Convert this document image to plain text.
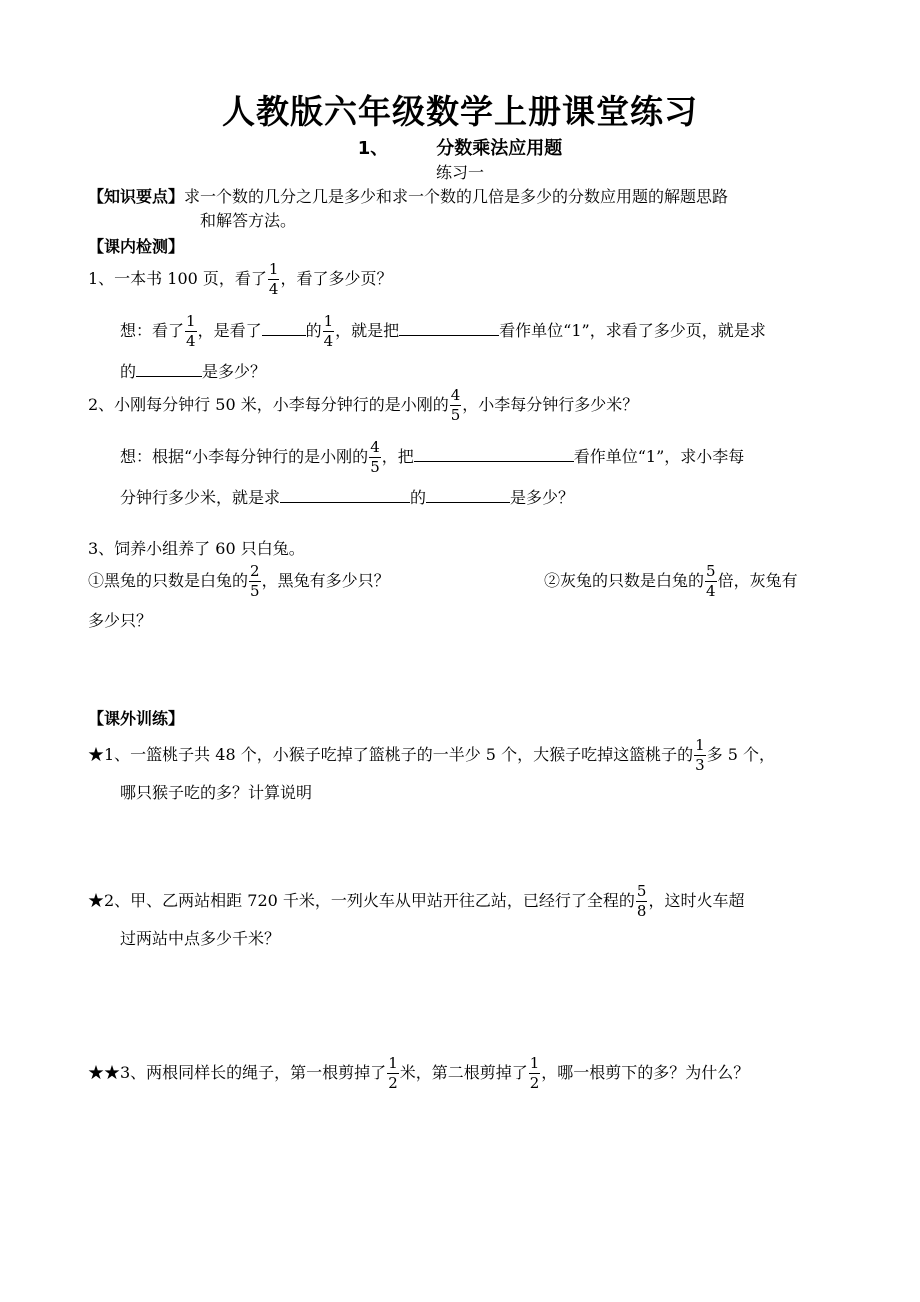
人教版六年级数学上册课堂练习
1、	分数乘法应用题
练习一
【知识要点】求一个数的几分之几是多少和求一个数的几倍是多少的分数应用题的解题思路
和解答方法。
【课内检测】
1、一本书 100 页，看了 $\frac{1}{4}$ ，看了多少页？
想：看了 $\frac{1}{4}$ ，是看了	的 $\frac{1}{4}$ ，就是把	看作单位“1”，求看了多少页，就是求
的	是多少？
2、小刚每分钟行 50 米，小李每分钟行的是小刚的 $\frac{4}{5}$ ，小李每分钟行多少米？
想：根据“小李每分钟行的是小刚的 $\frac{4}{5}$ ，把	看作单位“1”，求小李每
分钟行多少米，就是求	的	是多少？
3、饲养小组养了 60 只白兔。
①黑兔的只数是白兔的 $\frac{2}{5}$ ，黑兔有多少只？	②灰兔的只数是白兔的 $\frac{5}{4}$ 倍，灰兔有
多少只？
【课外训练】
★1、一篮桃子共 48 个，小猴子吃掉了篮桃子的一半少 5 个，大猴子吃掉这篮桃子的 $\frac{1}{3}$ 多 5 个，
哪只猴子吃的多？计算说明
★2、甲、乙两站相距 720 千米，一列火车从甲站开往乙站，已经行了全程的 $\frac{5}{8}$ ，这时火车超
过两站中点多少千米？
★★3、两根同样长的绳子，第一根剪掉了 $\frac{1}{2}$ 米，第二根剪掉了 $\frac{1}{2}$ ，哪一根剪下的多？为什么？
